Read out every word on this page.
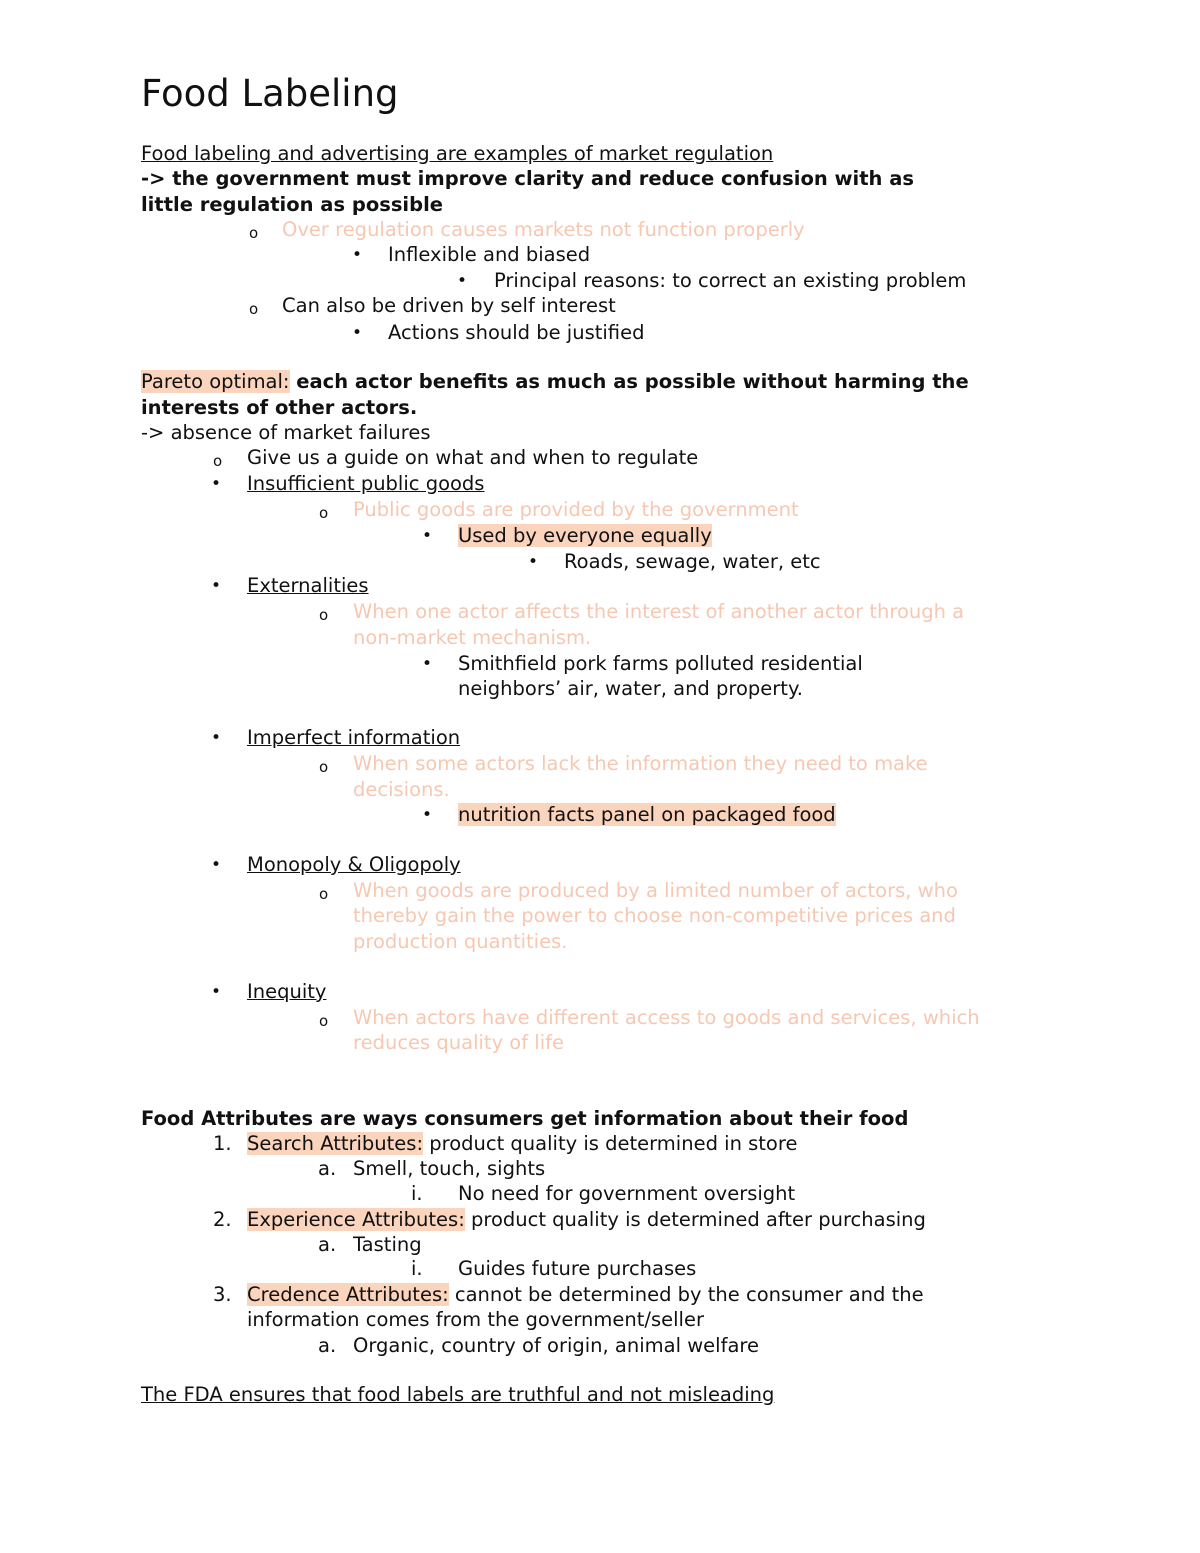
Food Labeling
Food labeling and advertising are examples of market regulation
-> the government must improve clarity and reduce confusion with as
little regulation as possible
o Over regulation causes markets not function properly
• Inflexible and biased
• Principal reasons: to correct an existing problem
o Can also be driven by self interest
• Actions should be justified
Pareto optimal: each actor benefits as much as possible without harming the
interests of other actors.
-> absence of market failures
o Give us a guide on what and when to regulate
• Insufficient public goods
o Public goods are provided by the government
• Used by everyone equally
• Roads, sewage, water, etc
• Externalities
o When one actor affects the interest of another actor through a
non-market mechanism.
• Smithfield pork farms polluted residential
neighbors’ air, water, and property.
• Imperfect information
o When some actors lack the information they need to make
decisions.
• nutrition facts panel on packaged food
• Monopoly & Oligopoly
o When goods are produced by a limited number of actors, who
thereby gain the power to choose non-competitive prices and
production quantities.
• Inequity
o When actors have different access to goods and services, which
reduces quality of life
Food Attributes are ways consumers get information about their food
1. Search Attributes: product quality is determined in store
a. Smell, touch, sights
i. No need for government oversight
2. Experience Attributes: product quality is determined after purchasing
a. Tasting
i. Guides future purchases
3. Credence Attributes: cannot be determined by the consumer and the
information comes from the government/seller
a. Organic, country of origin, animal welfare
The FDA ensures that food labels are truthful and not misleading
